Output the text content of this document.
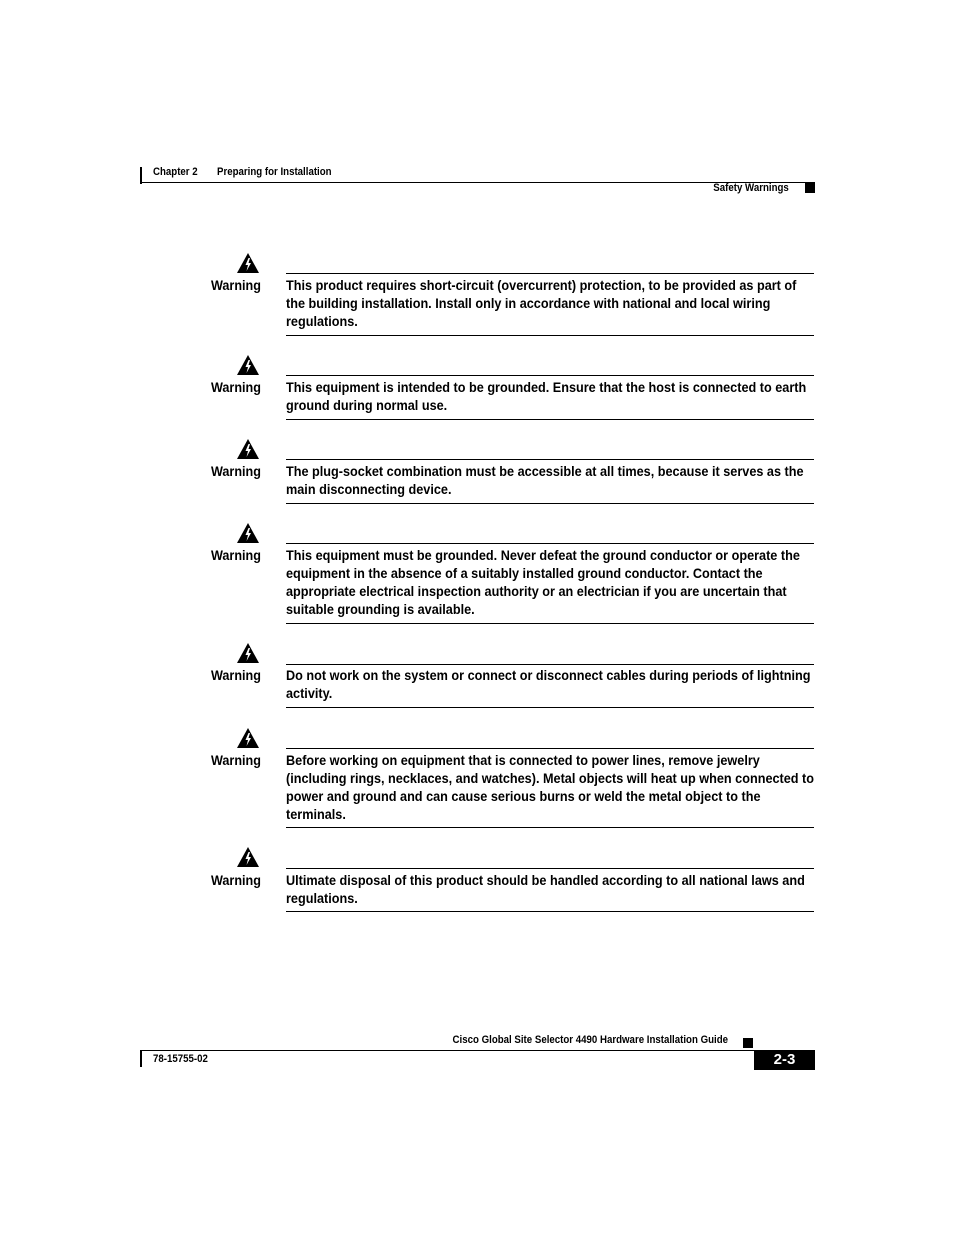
Chapter 2 Preparing for Installation
Safety Warnings
Warning This product requires short-circuit (overcurrent) protection, to be provided as part of the building installation. Install only in accordance with national and local wiring regulations.
Warning This equipment is intended to be grounded. Ensure that the host is connected to earth ground during normal use.
Warning The plug-socket combination must be accessible at all times, because it serves as the main disconnecting device.
Warning This equipment must be grounded. Never defeat the ground conductor or operate the equipment in the absence of a suitably installed ground conductor. Contact the appropriate electrical inspection authority or an electrician if you are uncertain that suitable grounding is available.
Warning Do not work on the system or connect or disconnect cables during periods of lightning activity.
Warning Before working on equipment that is connected to power lines, remove jewelry (including rings, necklaces, and watches). Metal objects will heat up when connected to power and ground and can cause serious burns or weld the metal object to the terminals.
Warning Ultimate disposal of this product should be handled according to all national laws and regulations.
Cisco Global Site Selector 4490 Hardware Installation Guide
78-15755-02	2-3
